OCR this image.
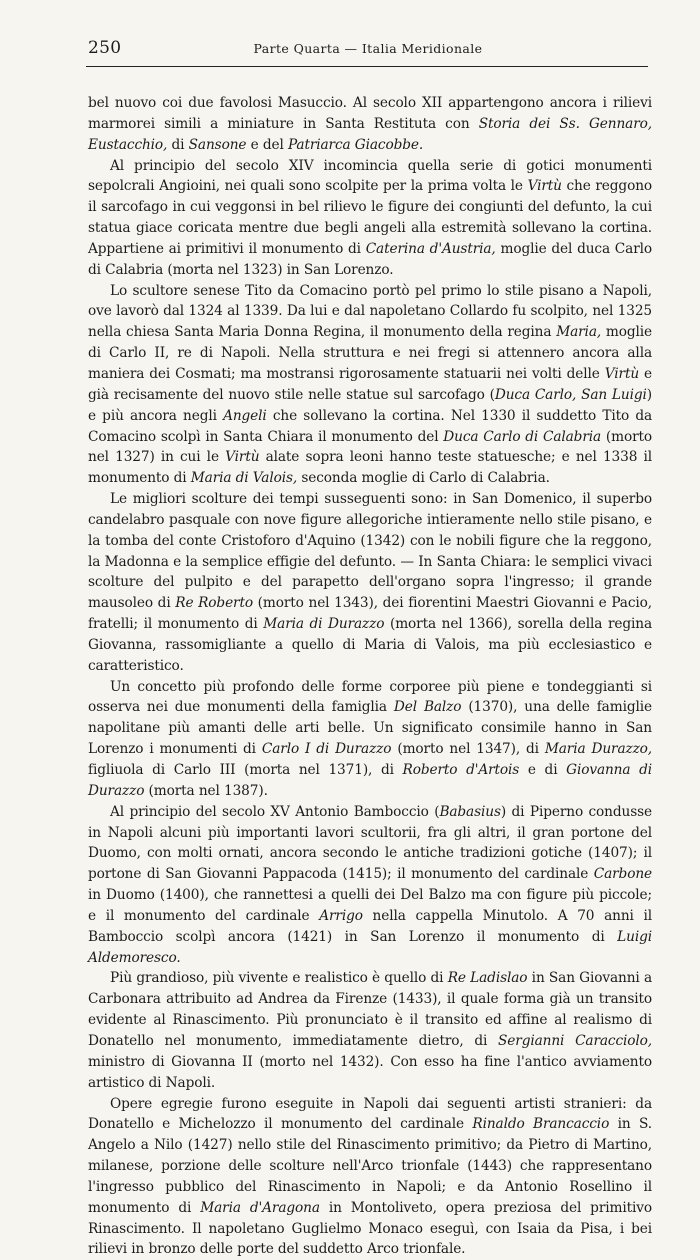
250	Parte Quarta — Italia Meridionale

bel nuovo coi due favolosi Masuccio. Al secolo XII appartengono ancora i rilievi marmorei simili a miniature in Santa Restituta con Storia dei Ss. Gennaro, Eustacchio, di Sansone e del Patriarca Giacobbe.

Al principio del secolo XIV incomincia quella serie di gotici monumenti sepolcrali Angioini, nei quali sono scolpite per la prima volta le Virtù che reggono il sarcofago in cui veggonsi in bel rilievo le figure dei congiunti del defunto, la cui statua giace coricata mentre due begli angeli alla estremità sollevano la cortina. Appartiene ai primitivi il monumento di Caterina d'Austria, moglie del duca Carlo di Calabria (morta nel 1323) in San Lorenzo.

Lo scultore senese Tito da Comacino portò pel primo lo stile pisano a Napoli, ove lavorò dal 1324 al 1339. Da lui e dal napoletano Collardo fu scolpito, nel 1325 nella chiesa Santa Maria Donna Regina, il monumento della regina Maria, moglie di Carlo II, re di Napoli. Nella struttura e nei fregi si attennero ancora alla maniera dei Cosmati; ma mostransi rigorosamente statuarii nei volti delle Virtù e già recisamente del nuovo stile nelle statue sul sarcofago (Duca Carlo, San Luigi) e più ancora negli Angeli che sollevano la cortina. Nel 1330 il suddetto Tito da Comacino scolpì in Santa Chiara il monumento del Duca Carlo di Calabria (morto nel 1327) in cui le Virtù alate sopra leoni hanno teste statuesche; e nel 1338 il monumento di Maria di Valois, seconda moglie di Carlo di Calabria.

Le migliori scolture dei tempi susseguenti sono: in San Domenico, il superbo candelabro pasquale con nove figure allegoriche intieramente nello stile pisano, e la tomba del conte Cristoforo d'Aquino (1342) con le nobili figure che la reggono, la Madonna e la semplice effigie del defunto. — In Santa Chiara: le semplici vivaci scolture del pulpito e del parapetto dell'organo sopra l'ingresso; il grande mausoleo di Re Roberto (morto nel 1343), dei fiorentini Maestri Giovanni e Pacio, fratelli; il monumento di Maria di Durazzo (morta nel 1366), sorella della regina Giovanna, rassomigliante a quello di Maria di Valois, ma più ecclesiastico e caratteristico.

Un concetto più profondo delle forme corporee più piene e tondeggianti si osserva nei due monumenti della famiglia Del Balzo (1370), una delle famiglie napolitane più amanti delle arti belle. Un significato consimile hanno in San Lorenzo i monumenti di Carlo I di Durazzo (morto nel 1347), di Maria Durazzo, figliuola di Carlo III (morta nel 1371), di Roberto d'Artois e di Giovanna di Durazzo (morta nel 1387).

Al principio del secolo XV Antonio Bamboccio (Babasius) di Piperno condusse in Napoli alcuni più importanti lavori scultorii, fra gli altri, il gran portone del Duomo, con molti ornati, ancora secondo le antiche tradizioni gotiche (1407); il portone di San Giovanni Pappacoda (1415); il monumento del cardinale Carbone in Duomo (1400), che rannettesi a quelli dei Del Balzo ma con figure più piccole; e il monumento del cardinale Arrigo nella cappella Minutolo. A 70 anni il Bamboccio scolpì ancora (1421) in San Lorenzo il monumento di Luigi Aldemoresco.

Più grandioso, più vivente e realistico è quello di Re Ladislao in San Giovanni a Carbonara attribuito ad Andrea da Firenze (1433), il quale forma già un transito evidente al Rinascimento. Più pronunciato è il transito ed affine al realismo di Donatello nel monumento, immediatamente dietro, di Sergianni Caracciolo, ministro di Giovanna II (morto nel 1432). Con esso ha fine l'antico avviamento artistico di Napoli.

Opere egregie furono eseguite in Napoli dai seguenti artisti stranieri: da Donatello e Michelozzo il monumento del cardinale Rinaldo Brancaccio in S. Angelo a Nilo (1427) nello stile del Rinascimento primitivo; da Pietro di Martino, milanese, porzione delle scolture nell'Arco trionfale (1443) che rappresentano l'ingresso pubblico del Rinascimento in Napoli; e da Antonio Rosellino il monumento di Maria d'Aragona in Montoliveto, opera preziosa del primitivo Rinascimento. Il napoletano Guglielmo Monaco eseguì, con Isaia da Pisa, i bei rilievi in bronzo delle porte del suddetto Arco trionfale.
